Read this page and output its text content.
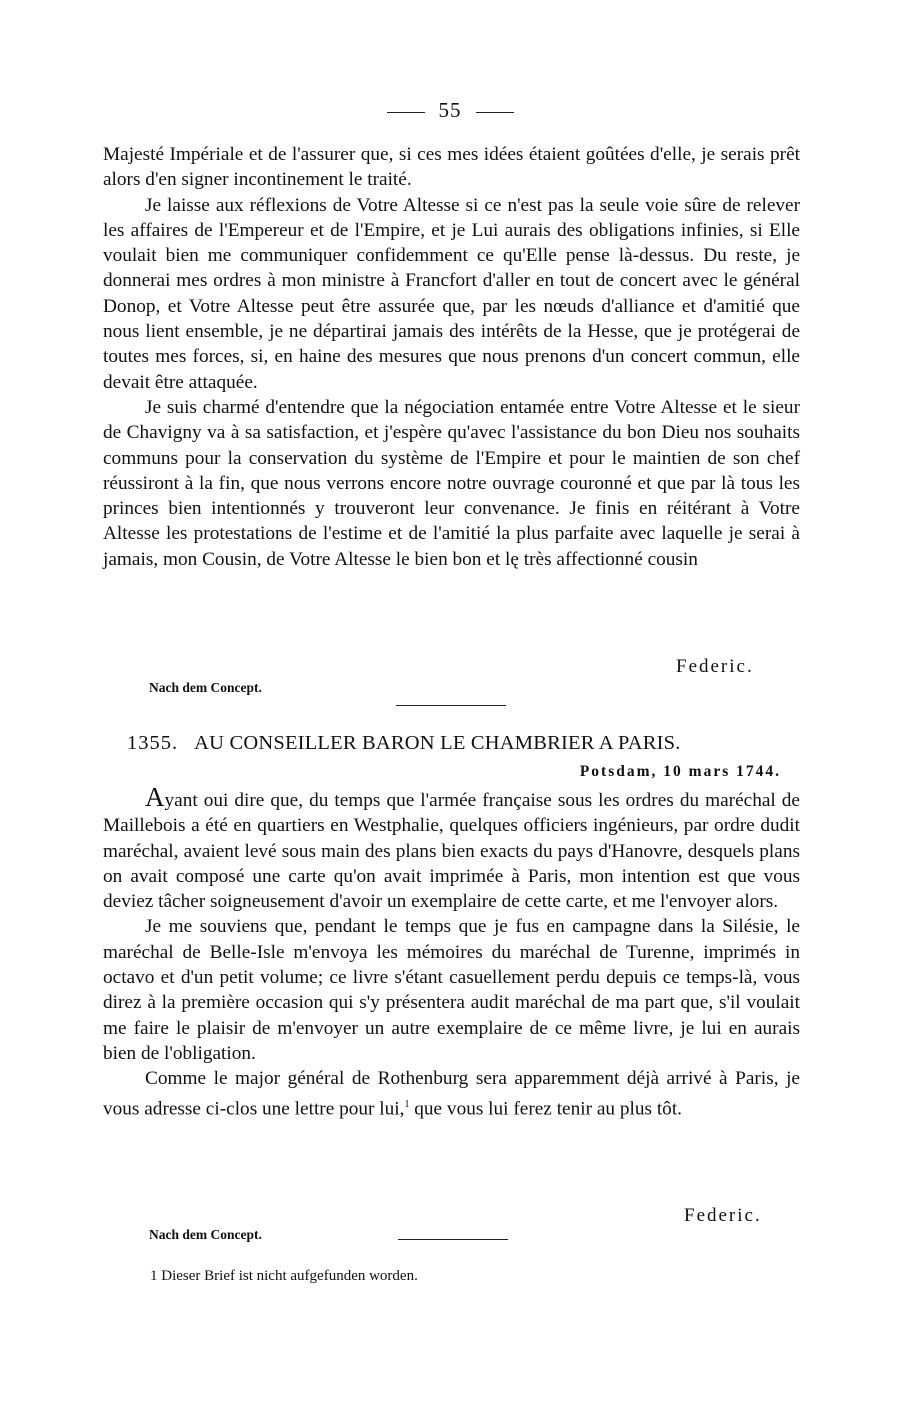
55

Majesté Impériale et de l'assurer que, si ces mes idées étaient goûtées d'elle, je serais prêt alors d'en signer incontinement le traité.

Je laisse aux réflexions de Votre Altesse si ce n'est pas la seule voie sûre de relever les affaires de l'Empereur et de l'Empire, et je Lui aurais des obligations infinies, si Elle voulait bien me communiquer confidemment ce qu'Elle pense là-dessus. Du reste, je donnerai mes ordres à mon ministre à Francfort d'aller en tout de concert avec le général Donop, et Votre Altesse peut être assurée que, par les nœuds d'alliance et d'amitié que nous lient ensemble, je ne départirai jamais des intérêts de la Hesse, que je protégerai de toutes mes forces, si, en haine des mesures que nous prenons d'un concert commun, elle devait être attaquée.

Je suis charmé d'entendre que la négociation entamée entre Votre Altesse et le sieur de Chavigny va à sa satisfaction, et j'espère qu'avec l'assistance du bon Dieu nos souhaits communs pour la conservation du système de l'Empire et pour le maintien de son chef réussiront à la fin, que nous verrons encore notre ouvrage couronné et que par là tous les princes bien intentionnés y trouveront leur convenance. Je finis en réitérant à Votre Altesse les protestations de l'estime et de l'amitié la plus parfaite avec laquelle je serai à jamais, mon Cousin, de Votre Altesse le bien bon et lę très affectionné cousin

Federic.
Nach dem Concept.

1355. AU CONSEILLER BARON LE CHAMBRIER A PARIS.

Potsdam, 10 mars 1744.

Ayant oui dire que, du temps que l'armée française sous les ordres du maréchal de Maillebois a été en quartiers en Westphalie, quelques officiers ingénieurs, par ordre dudit maréchal, avaient levé sous main des plans bien exacts du pays d'Hanovre, desquels plans on avait composé une carte qu'on avait imprimée à Paris, mon intention est que vous deviez tâcher soigneusement d'avoir un exemplaire de cette carte, et me l'envoyer alors.

Je me souviens que, pendant le temps que je fus en campagne dans la Silésie, le maréchal de Belle-Isle m'envoya les mémoires du maréchal de Turenne, imprimés in octavo et d'un petit volume; ce livre s'étant casuellement perdu depuis ce temps-là, vous direz à la première occasion qui s'y présentera audit maréchal de ma part que, s'il voulait me faire le plaisir de m'envoyer un autre exemplaire de ce même livre, je lui en aurais bien de l'obligation.

Comme le major général de Rothenburg sera apparemment déjà arrivé à Paris, je vous adresse ci-clos une lettre pour lui,$^1$ que vous lui ferez tenir au plus tôt.

Federic.
Nach dem Concept.
1 Dieser Brief ist nicht aufgefunden worden.
